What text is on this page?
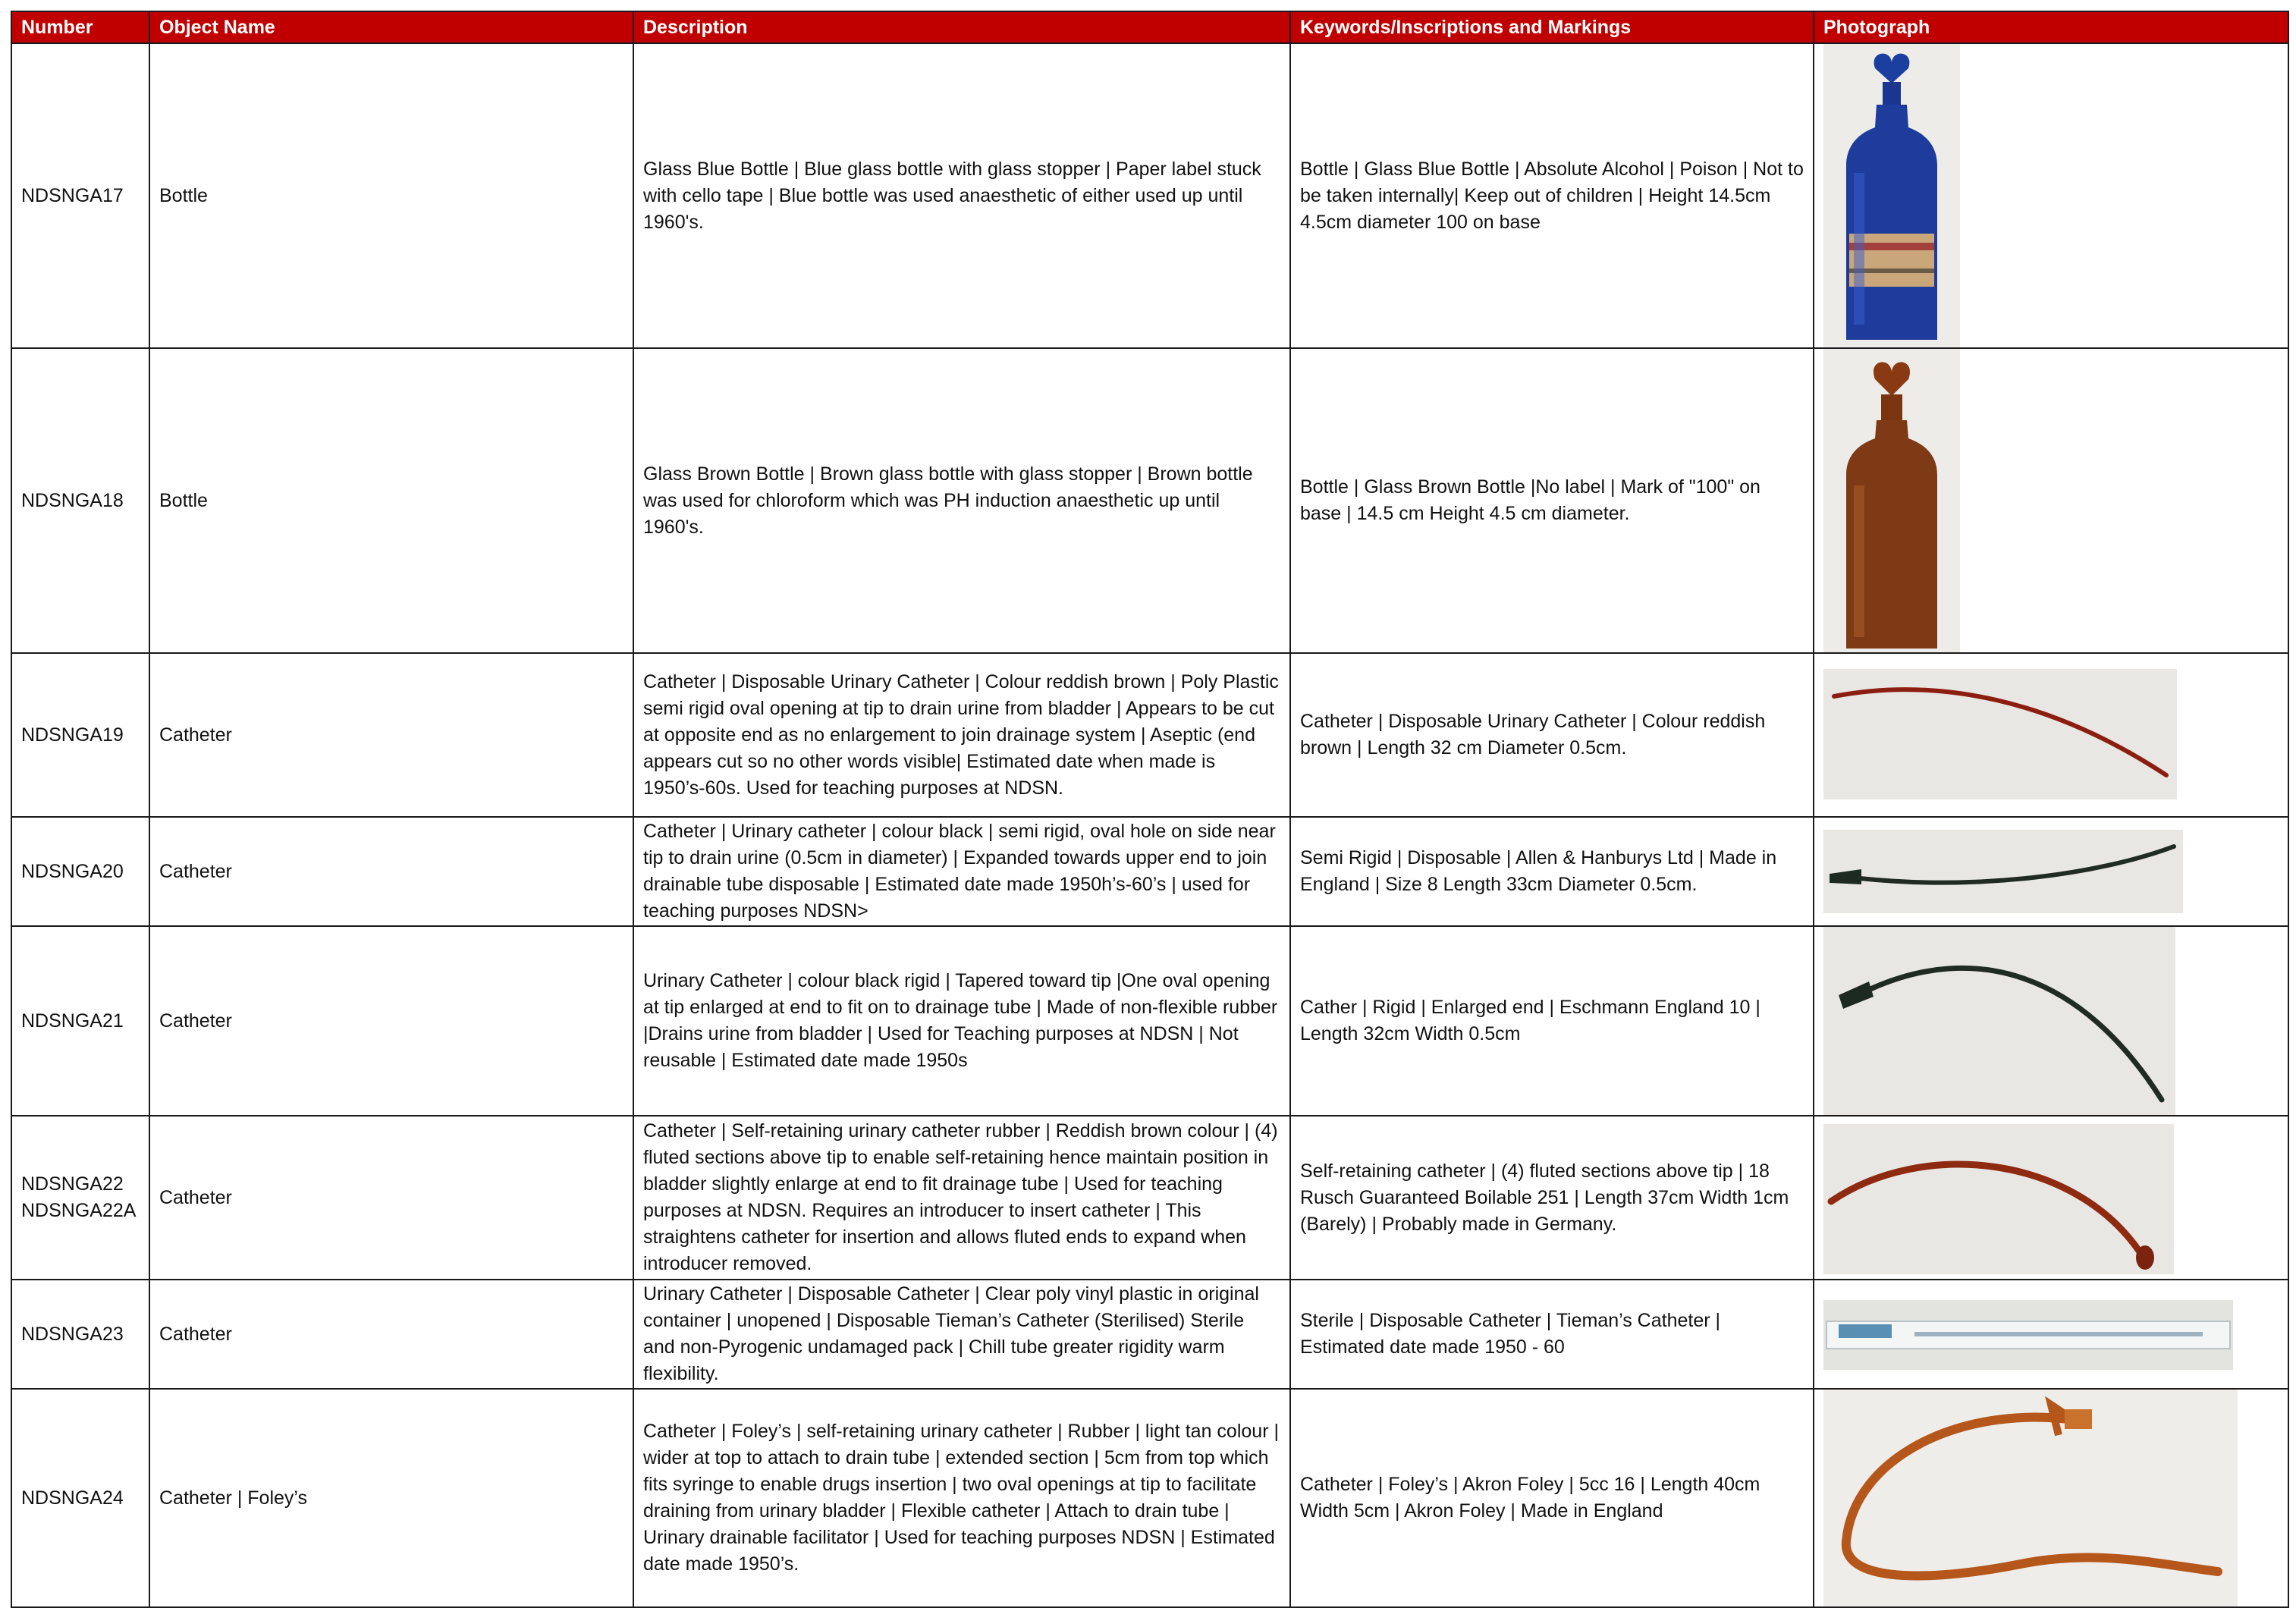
Number	Object Name	Description	Keywords/Inscriptions and Markings	Photograph

NDSNGA17	Bottle	Glass Blue Bottle | Blue glass bottle with glass stopper | Paper label stuck with cello tape | Blue bottle was used anaesthetic of either used up until 1960's.	Bottle | Glass Blue Bottle | Absolute Alcohol | Poison | Not to be taken internally| Keep out of children | Height 14.5cm 4.5cm diameter 100 on base	

NDSNGA18	Bottle	Glass Brown Bottle | Brown glass bottle with glass stopper | Brown bottle was used for chloroform which was PH induction anaesthetic up until 1960's.	Bottle | Glass Brown Bottle |No label | Mark of "100" on base | 14.5 cm Height 4.5 cm diameter.	

NDSNGA19	Catheter	Catheter | Disposable Urinary Catheter | Colour reddish brown | Poly Plastic semi rigid oval opening at tip to drain urine from bladder | Appears to be cut at opposite end as no enlargement to join drainage system | Aseptic (end appears cut so no other words visible| Estimated date when made is 1950’s-60s. Used for teaching purposes at NDSN.	Catheter | Disposable Urinary Catheter | Colour reddish brown | Length 32 cm Diameter 0.5cm.	

NDSNGA20	Catheter	Catheter | Urinary catheter | colour black | semi rigid, oval hole on side near tip to drain urine (0.5cm in diameter) | Expanded towards upper end to join drainable tube disposable | Estimated date made 1950h’s-60’s | used for teaching purposes NDSN>	Semi Rigid | Disposable | Allen & Hanburys Ltd | Made in England | Size 8 Length 33cm Diameter 0.5cm.	

NDSNGA21	Catheter	Urinary Catheter | colour black rigid | Tapered toward tip |One oval opening at tip enlarged at end to fit on to drainage tube | Made of non-flexible rubber |Drains urine from bladder | Used for Teaching purposes at NDSN | Not reusable | Estimated date made 1950s	Cather | Rigid | Enlarged end | Eschmann England 10 | Length 32cm Width 0.5cm	

NDSNGA22
NDSNGA22A	Catheter	Catheter | Self-retaining urinary catheter rubber | Reddish brown colour | (4) fluted sections above tip to enable self-retaining hence maintain position in bladder slightly enlarge at end to fit drainage tube | Used for teaching purposes at NDSN. Requires an introducer to insert catheter | This straightens catheter for insertion and allows fluted ends to expand when introducer removed.	Self-retaining catheter | (4) fluted sections above tip | 18 Rusch Guaranteed Boilable 251 | Length 37cm Width 1cm (Barely) | Probably made in Germany.	

NDSNGA23	Catheter	Urinary Catheter | Disposable Catheter | Clear poly vinyl plastic in original container | unopened | Disposable Tieman’s Catheter (Sterilised) Sterile and non-Pyrogenic undamaged pack | Chill tube greater rigidity warm flexibility.	Sterile | Disposable Catheter | Tieman’s Catheter | Estimated date made 1950 - 60	

NDSNGA24	Catheter | Foley’s	Catheter | Foley’s | self-retaining urinary catheter | Rubber | light tan colour | wider at top to attach to drain tube | extended section | 5cm from top which fits syringe to enable drugs insertion | two oval openings at tip to facilitate draining from urinary bladder | Flexible catheter | Attach to drain tube | Urinary drainable facilitator | Used for teaching purposes NDSN | Estimated date made 1950’s.	Catheter | Foley’s | Akron Foley | 5cc 16 | Length 40cm Width 5cm | Akron Foley | Made in England	
